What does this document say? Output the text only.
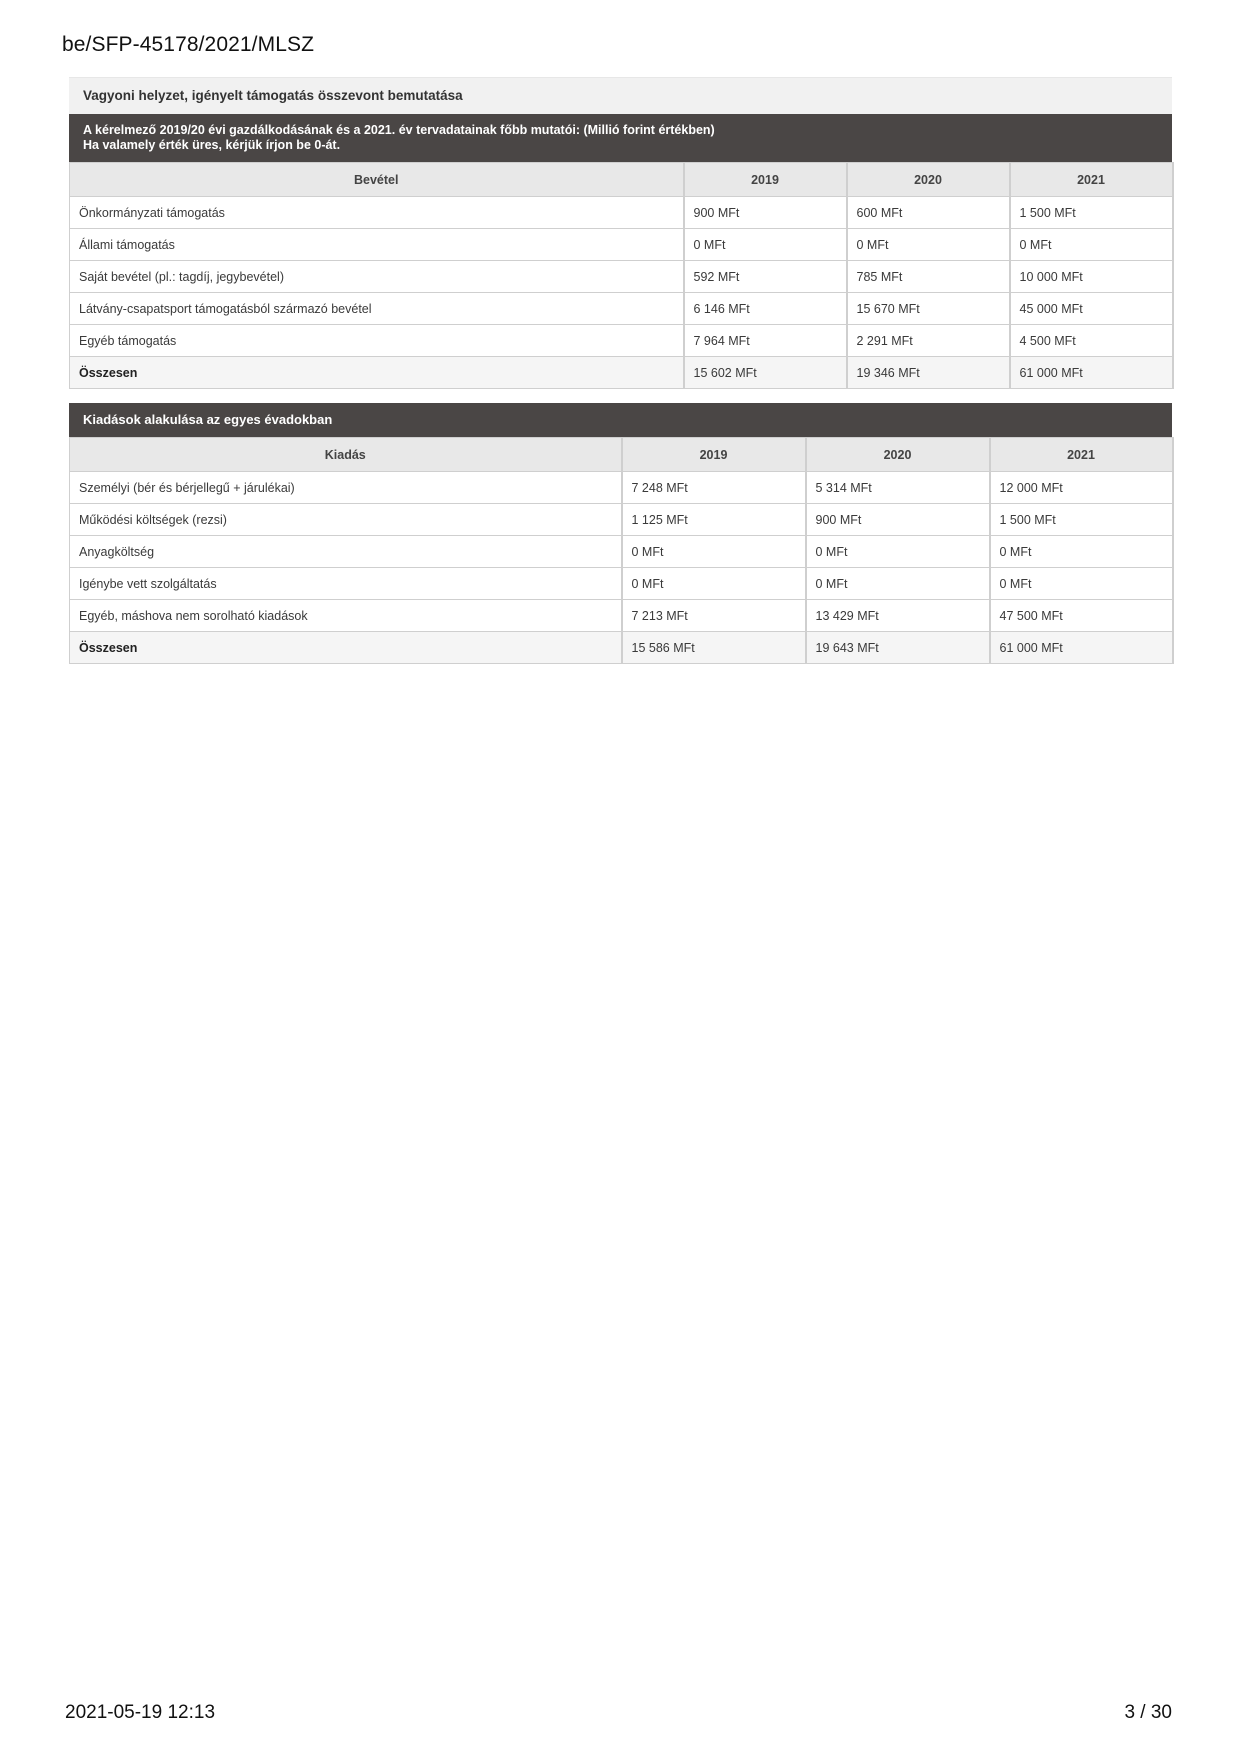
be/SFP-45178/2021/MLSZ
Vagyoni helyzet, igényelt támogatás összevont bemutatása
A kérelmező 2019/20 évi gazdálkodásának és a 2021. év tervadatainak főbb mutatói: (Millió forint értékben)
Ha valamely érték üres, kérjük írjon be 0-át.
Bevétel	2019	2020	2021
Önkormányzati támogatás	900 MFt	600 MFt	1 500 MFt
Állami támogatás	0 MFt	0 MFt	0 MFt
Saját bevétel (pl.: tagdíj, jegybevétel)	592 MFt	785 MFt	10 000 MFt
Látvány-csapatsport támogatásból származó bevétel	6 146 MFt	15 670 MFt	45 000 MFt
Egyéb támogatás	7 964 MFt	2 291 MFt	4 500 MFt
Összesen	15 602 MFt	19 346 MFt	61 000 MFt
Kiadások alakulása az egyes évadokban
Kiadás	2019	2020	2021
Személyi (bér és bérjellegű + járulékai)	7 248 MFt	5 314 MFt	12 000 MFt
Működési költségek (rezsi)	1 125 MFt	900 MFt	1 500 MFt
Anyagköltség	0 MFt	0 MFt	0 MFt
Igénybe vett szolgáltatás	0 MFt	0 MFt	0 MFt
Egyéb, máshova nem sorolható kiadások	7 213 MFt	13 429 MFt	47 500 MFt
Összesen	15 586 MFt	19 643 MFt	61 000 MFt
2021-05-19 12:13	3 / 30
